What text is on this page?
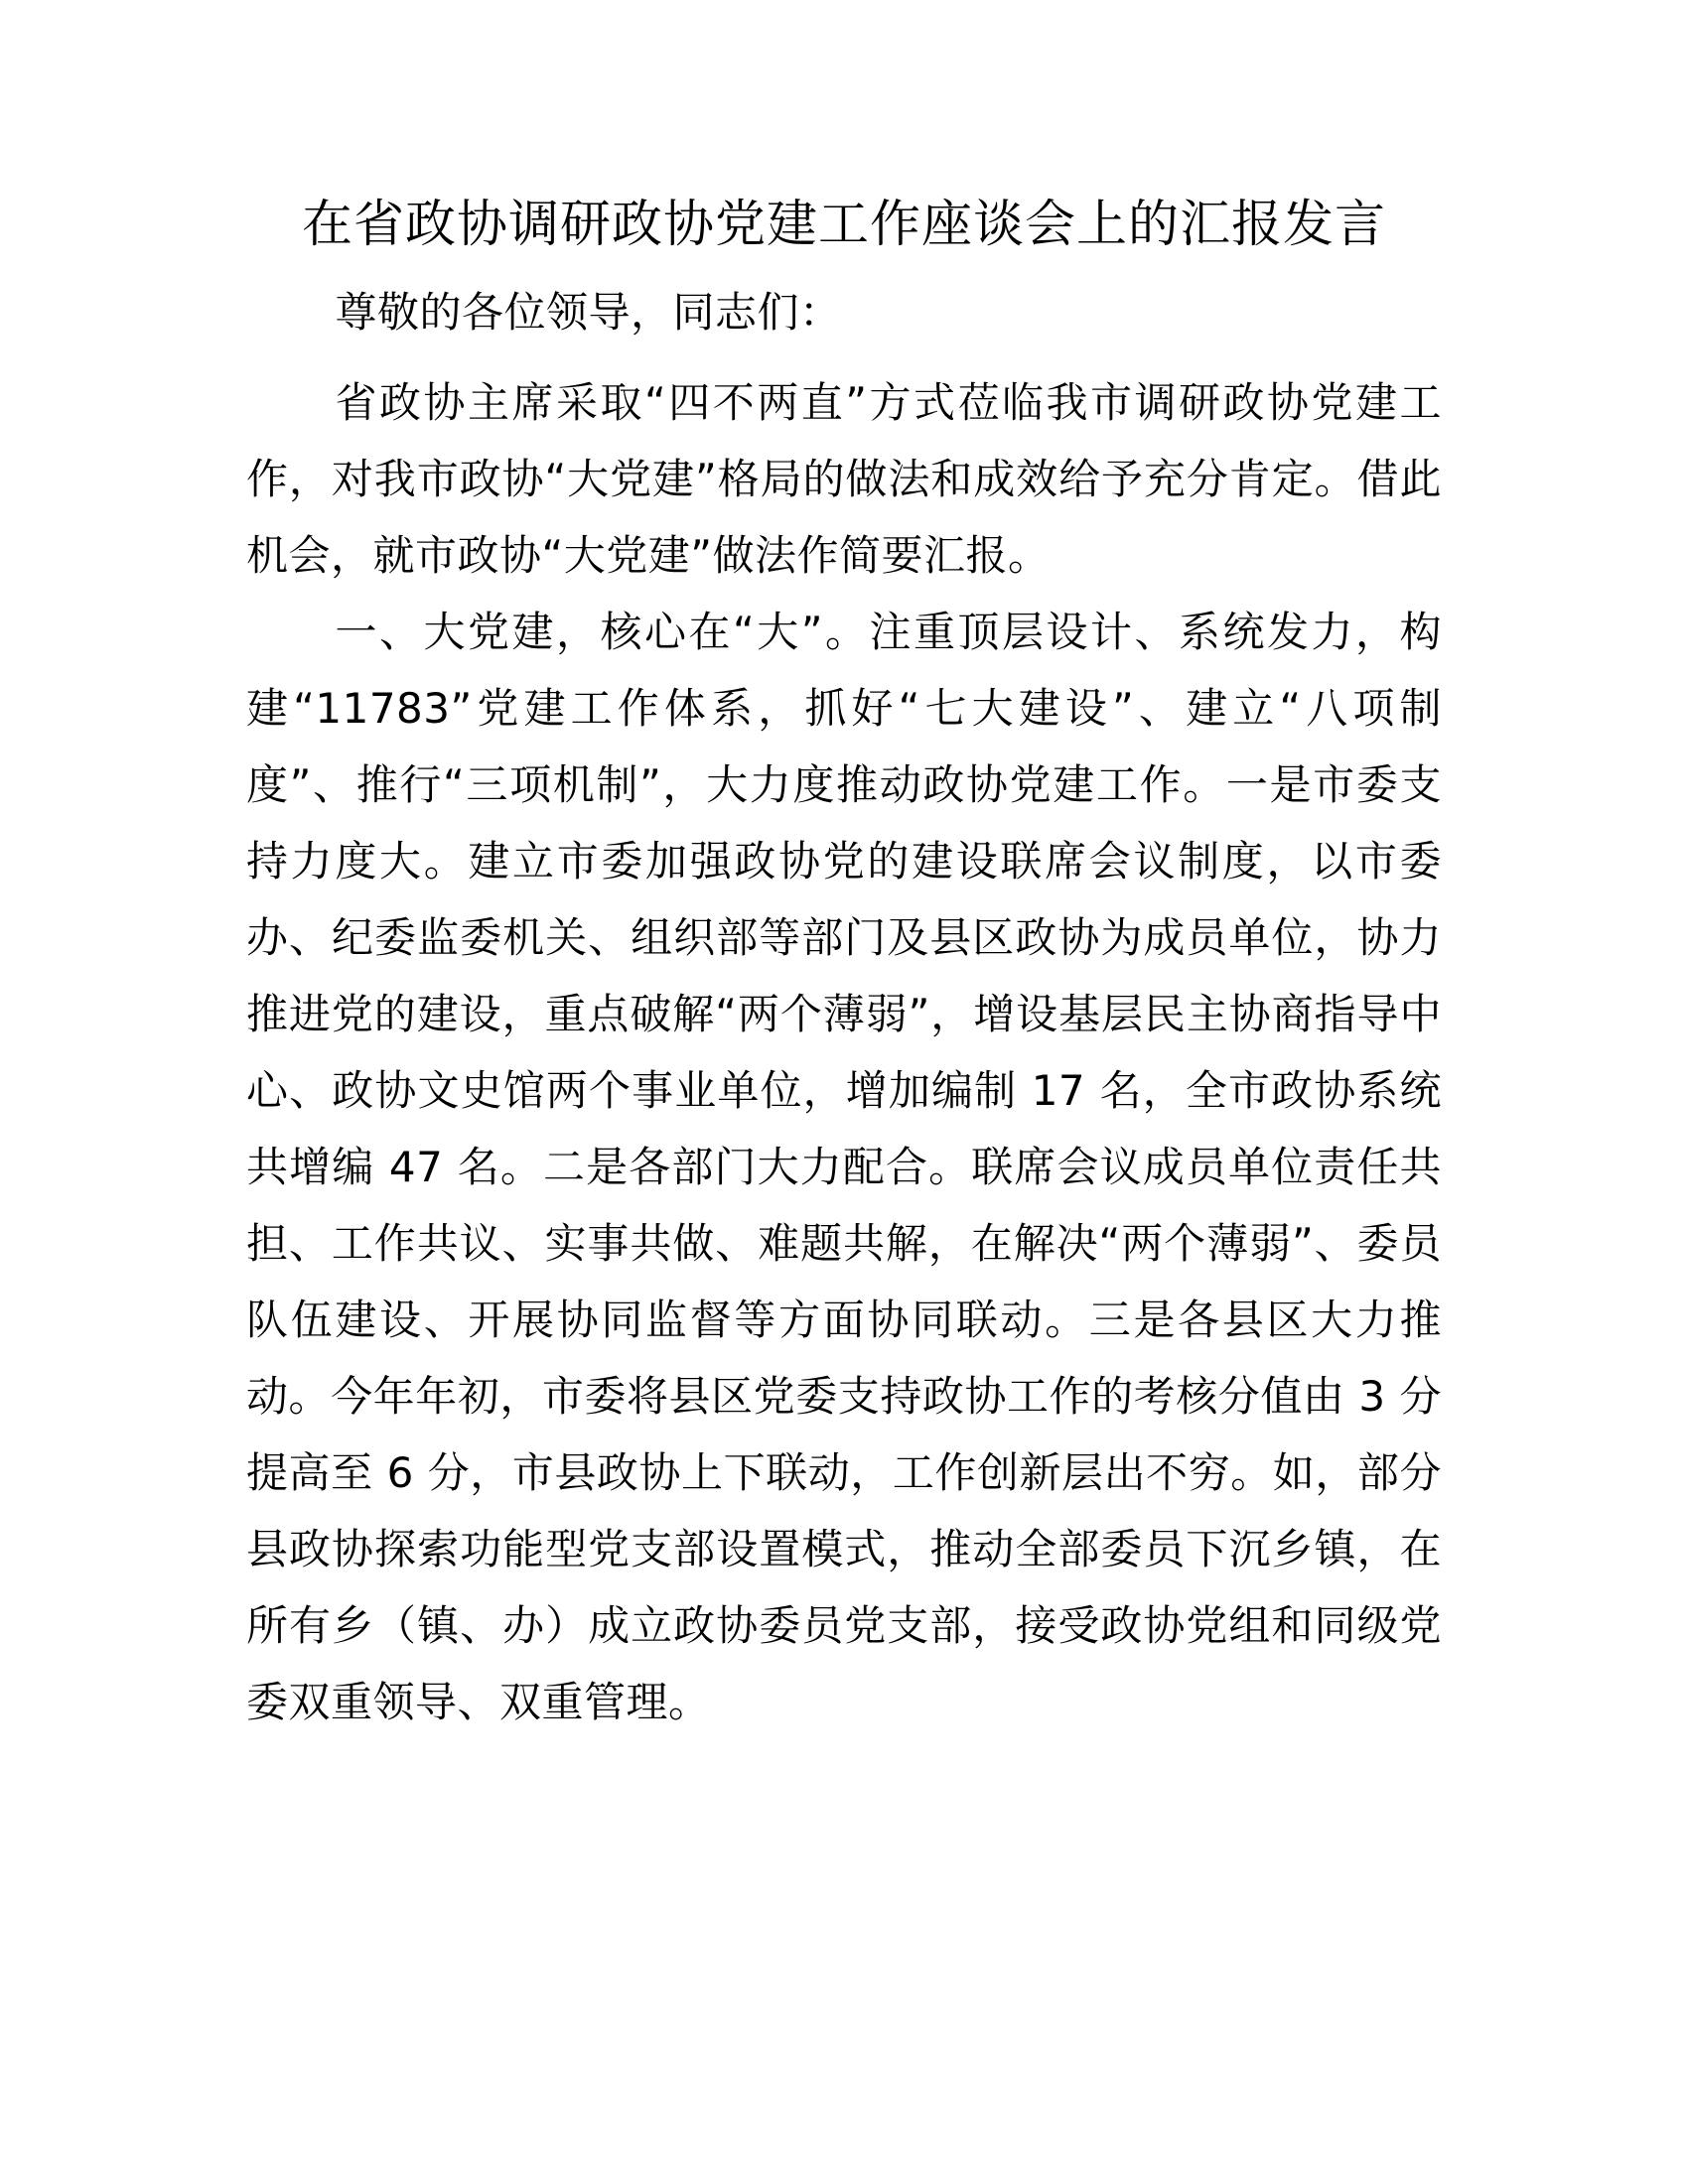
在省政协调研政协党建工作座谈会上的汇报发言

尊敬的各位领导，同志们：

省政协主席采取“四不两直”方式莅临我市调研政协党建工作，对我市政协“大党建”格局的做法和成效给予充分肯定。借此机会，就市政协“大党建”做法作简要汇报。

一、大党建，核心在“大”。注重顶层设计、系统发力，构建“11783”党建工作体系，抓好“七大建设”、建立“八项制度”、推行“三项机制”，大力度推动政协党建工作。一是市委支持力度大。建立市委加强政协党的建设联席会议制度，以市委办、纪委监委机关、组织部等部门及县区政协为成员单位，协力推进党的建设，重点破解“两个薄弱”，增设基层民主协商指导中心、政协文史馆两个事业单位，增加编制 17 名，全市政协系统共增编 47 名。二是各部门大力配合。联席会议成员单位责任共担、工作共议、实事共做、难题共解，在解决“两个薄弱”、委员队伍建设、开展协同监督等方面协同联动。三是各县区大力推动。今年年初，市委将县区党委支持政协工作的考核分值由 3 分提高至 6 分，市县政协上下联动，工作创新层出不穷。如，部分县政协探索功能型党支部设置模式，推动全部委员下沉乡镇，在所有乡（镇、办）成立政协委员党支部，接受政协党组和同级党委双重领导、双重管理。
